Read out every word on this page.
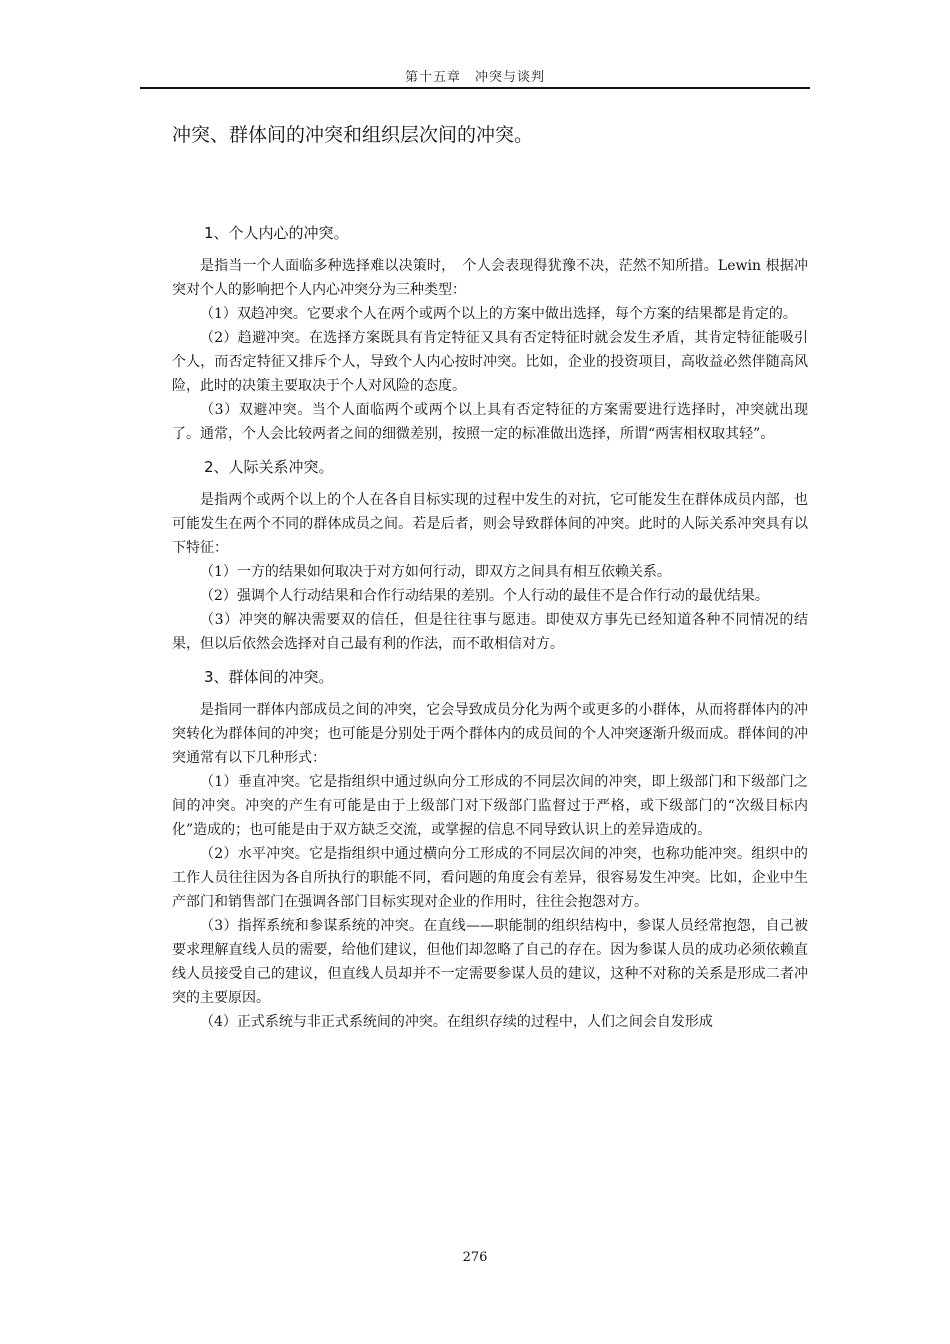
第十五章　冲突与谈判

冲突、群体间的冲突和组织层次间的冲突。

1、个人内心的冲突。

是指当一个人面临多种选择难以决策时，　个人会表现得犹豫不决，茫然不知所措。Lewin 根据冲突对个人的影响把个人内心冲突分为三种类型：

（1）双趋冲突。它要求个人在两个或两个以上的方案中做出选择，每个方案的结果都是肯定的。

（2）趋避冲突。在选择方案既具有肯定特征又具有否定特征时就会发生矛盾，其肯定特征能吸引个人，而否定特征又排斥个人，导致个人内心按时冲突。比如，企业的投资项目，高收益必然伴随高风险，此时的决策主要取决于个人对风险的态度。

（3）双避冲突。当个人面临两个或两个以上具有否定特征的方案需要进行选择时，冲突就出现了。通常，个人会比较两者之间的细微差别，按照一定的标准做出选择，所谓“两害相权取其轻”。

2、人际关系冲突。

是指两个或两个以上的个人在各自目标实现的过程中发生的对抗，它可能发生在群体成员内部，也可能发生在两个不同的群体成员之间。若是后者，则会导致群体间的冲突。此时的人际关系冲突具有以下特征：

（1）一方的结果如何取决于对方如何行动，即双方之间具有相互依赖关系。

（2）强调个人行动结果和合作行动结果的差别。个人行动的最佳不是合作行动的最优结果。

（3）冲突的解决需要双的信任，但是往往事与愿违。即使双方事先已经知道各种不同情况的结果，但以后依然会选择对自己最有利的作法，而不敢相信对方。

3、群体间的冲突。

是指同一群体内部成员之间的冲突，它会导致成员分化为两个或更多的小群体，从而将群体内的冲突转化为群体间的冲突；也可能是分别处于两个群体内的成员间的个人冲突逐渐升级而成。群体间的冲突通常有以下几种形式：

（1）垂直冲突。它是指组织中通过纵向分工形成的不同层次间的冲突，即上级部门和下级部门之间的冲突。冲突的产生有可能是由于上级部门对下级部门监督过于严格，或下级部门的“次级目标内化”造成的；也可能是由于双方缺乏交流，或掌握的信息不同导致认识上的差异造成的。

（2）水平冲突。它是指组织中通过横向分工形成的不同层次间的冲突，也称功能冲突。组织中的工作人员往往因为各自所执行的职能不同，看问题的角度会有差异，很容易发生冲突。比如，企业中生产部门和销售部门在强调各部门目标实现对企业的作用时，往往会抱怨对方。

（3）指挥系统和参谋系统的冲突。在直线——职能制的组织结构中，参谋人员经常抱怨，自己被要求理解直线人员的需要，给他们建议，但他们却忽略了自己的存在。因为参谋人员的成功必须依赖直线人员接受自己的建议，但直线人员却并不一定需要参谋人员的建议，这种不对称的关系是形成二者冲突的主要原因。

（4）正式系统与非正式系统间的冲突。在组织存续的过程中，人们之间会自发形成

276
